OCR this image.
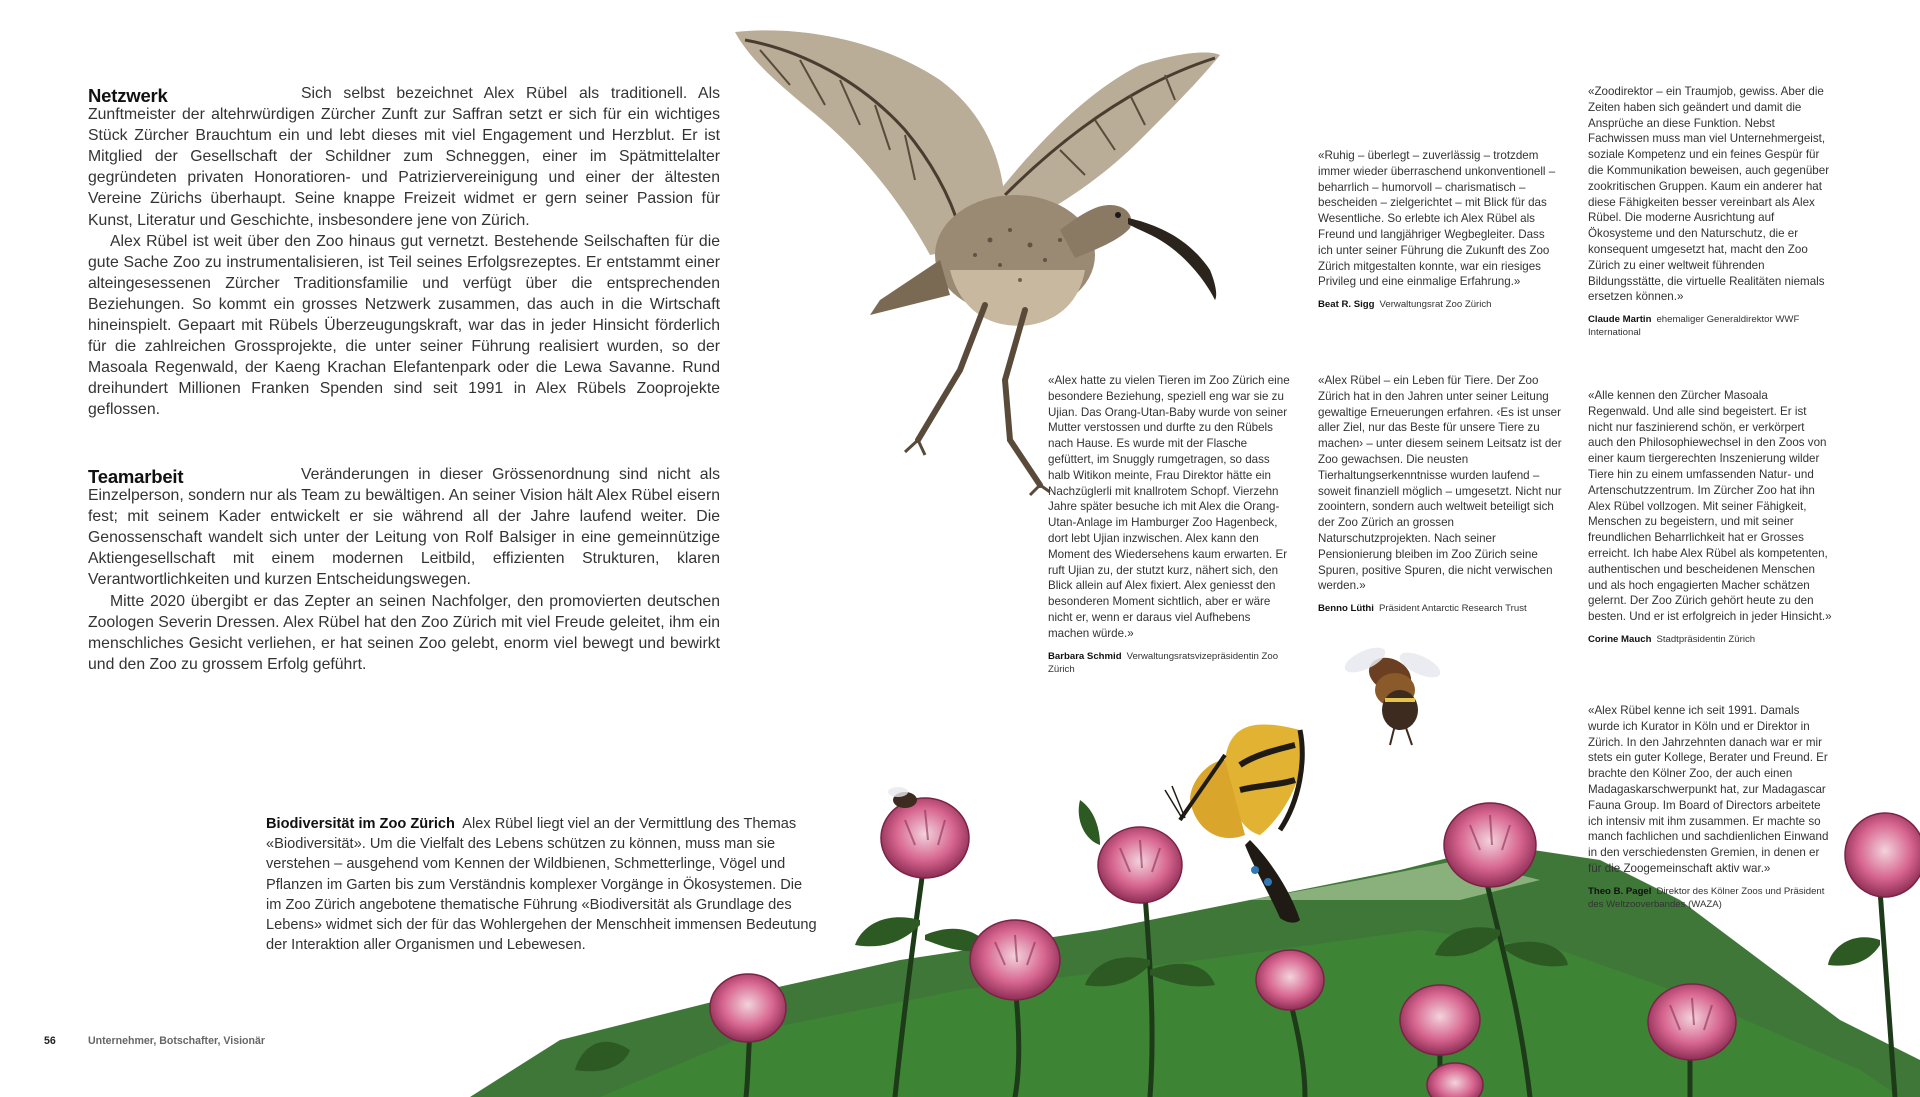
Netzwerk	Sich selbst bezeichnet Alex Rübel als traditionell. Als Zunftmeister der altehrwürdigen Zürcher Zunft zur Saffran setzt er sich für ein wichtiges Stück Zürcher Brauchtum ein und lebt dieses mit viel Engagement und Herzblut. Er ist Mitglied der Gesellschaft der Schildner zum Schneggen, einer im Spätmittelalter gegründeten privaten Honoratioren- und Patriziervereinigung und einer der ältesten Vereine Zürichs überhaupt. Seine knappe Freizeit widmet er gern seiner Passion für Kunst, Literatur und Geschichte, insbesondere jene von Zürich.

Alex Rübel ist weit über den Zoo hinaus gut vernetzt. Bestehende Seilschaften für die gute Sache Zoo zu instrumentalisieren, ist Teil seines Erfolgsrezeptes. Er entstammt einer alteingesessenen Zürcher Traditionsfamilie und verfügt über die entsprechenden Beziehungen. So kommt ein grosses Netzwerk zusammen, das auch in die Wirtschaft hineinspielt. Gepaart mit Rübels Überzeugungskraft, war das in jeder Hinsicht förderlich für die zahlreichen Grossprojekte, die unter seiner Führung realisiert wurden, so der Masoala Regenwald, der Kaeng Krachan Elefantenpark oder die Lewa Savanne. Rund dreihundert Millionen Franken Spenden sind seit 1991 in Alex Rübels Zooprojekte geflossen.

Teamarbeit	Veränderungen in dieser Grössenordnung sind nicht als Einzelperson, sondern nur als Team zu bewältigen. An seiner Vision hält Alex Rübel eisern fest; mit seinem Kader entwickelt er sie während all der Jahre laufend weiter. Die Genossenschaft wandelt sich unter der Leitung von Rolf Balsiger in eine gemeinnützige Aktiengesellschaft mit einem modernen Leitbild, effizienten Strukturen, klaren Verantwortlichkeiten und kurzen Entscheidungswegen.

Mitte 2020 übergibt er das Zepter an seinen Nachfolger, den promovierten deutschen Zoologen Severin Dressen. Alex Rübel hat den Zoo Zürich mit viel Freude geleitet, ihm ein menschliches Gesicht verliehen, er hat seinen Zoo gelebt, enorm viel bewegt und bewirkt und den Zoo zu grossem Erfolg geführt.

Biodiversität im Zoo Zürich Alex Rübel liegt viel an der Vermittlung des Themas «Biodiversität». Um die Vielfalt des Lebens schützen zu können, muss man sie verstehen – ausgehend vom Kennen der Wildbienen, Schmetterlinge, Vögel und Pflanzen im Garten bis zum Verständnis komplexer Vorgänge in Ökosystemen. Die im Zoo Zürich angebotene thematische Führung «Biodiversität als Grundlage des Lebens» widmet sich der für das Wohlergehen der Menschheit immensen Bedeutung der Interaktion aller Organismen und Lebewesen.

«Ruhig – überlegt – zuverlässig – trotzdem immer wieder überraschend unkonventionell – beharrlich – humorvoll – charismatisch – bescheiden – zielgerichtet – mit Blick für das Wesentliche. So erlebte ich Alex Rübel als Freund und langjähriger Wegbegleiter. Dass ich unter seiner Führung die Zukunft des Zoo Zürich mitgestalten konnte, war ein riesiges Privileg und eine einmalige Erfahrung.»

Beat R. Sigg Verwaltungsrat Zoo Zürich

«Zoodirektor – ein Traumjob, gewiss. Aber die Zeiten haben sich geändert und damit die Ansprüche an diese Funktion. Nebst Fachwissen muss man viel Unternehmergeist, soziale Kompetenz und ein feines Gespür für die Kommunikation beweisen, auch gegenüber zookritischen Gruppen. Kaum ein anderer hat diese Fähigkeiten besser vereinbart als Alex Rübel. Die moderne Ausrichtung auf Ökosysteme und den Naturschutz, die er konsequent umgesetzt hat, macht den Zoo Zürich zu einer weltweit führenden Bildungsstätte, die virtuelle Realitäten niemals ersetzen können.»

Claude Martin ehemaliger Generaldirektor WWF International

«Alex hatte zu vielen Tieren im Zoo Zürich eine besondere Beziehung, speziell eng war sie zu Ujian. Das Orang-Utan-Baby wurde von seiner Mutter verstossen und durfte zu den Rübels nach Hause. Es wurde mit der Flasche gefüttert, im Snuggly rumgetragen, so dass halb Witikon meinte, Frau Direktor hätte ein Nachzüglerli mit knallrotem Schopf. Vierzehn Jahre später besuche ich mit Alex die Orang-Utan-Anlage im Hamburger Zoo Hagenbeck, dort lebt Ujian inzwischen. Alex kann den Moment des Wiedersehens kaum erwarten. Er ruft Ujian zu, der stutzt kurz, nähert sich, den Blick allein auf Alex fixiert. Alex geniesst den besonderen Moment sichtlich, aber er wäre nicht er, wenn er daraus viel Aufhebens machen würde.»

Barbara Schmid Verwaltungsratsvizepräsidentin Zoo Zürich

«Alex Rübel – ein Leben für Tiere. Der Zoo Zürich hat in den Jahren unter seiner Leitung gewaltige Erneuerungen erfahren. ‹Es ist unser aller Ziel, nur das Beste für unsere Tiere zu machen› – unter diesem seinem Leitsatz ist der Zoo gewachsen. Die neusten Tierhaltungserkenntnisse wurden laufend – soweit finanziell möglich – umgesetzt. Nicht nur zoointern, sondern auch weltweit beteiligt sich der Zoo Zürich an grossen Naturschutzprojekten. Nach seiner Pensionierung bleiben im Zoo Zürich seine Spuren, positive Spuren, die nicht verwischen werden.»

Benno Lüthi Präsident Antarctic Research Trust

«Alle kennen den Zürcher Masoala Regenwald. Und alle sind begeistert. Er ist nicht nur faszinierend schön, er verkörpert auch den Philosophiewechsel in den Zoos von einer kaum tiergerechten Inszenierung wilder Tiere hin zu einem umfassenden Natur- und Artenschutzzentrum. Im Zürcher Zoo hat ihn Alex Rübel vollzogen. Mit seiner Fähigkeit, Menschen zu begeistern, und mit seiner freundlichen Beharrlichkeit hat er Grosses erreicht. Ich habe Alex Rübel als kompetenten, authentischen und bescheidenen Menschen und als hoch engagierten Macher schätzen gelernt. Der Zoo Zürich gehört heute zu den besten. Und er ist erfolgreich in jeder Hinsicht.»

Corine Mauch Stadtpräsidentin Zürich

«Alex Rübel kenne ich seit 1991. Damals wurde ich Kurator in Köln und er Direktor in Zürich. In den Jahrzehnten danach war er mir stets ein guter Kollege, Berater und Freund. Er brachte den Kölner Zoo, der auch einen Madagaskarschwerpunkt hat, zur Madagascar Fauna Group. Im Board of Directors arbeitete ich intensiv mit ihm zusammen. Er machte so manch fachlichen und sachdienlichen Einwand in den verschiedensten Gremien, in denen er für die Zoogemeinschaft aktiv war.»

Theo B. Pagel Direktor des Kölner Zoos und Präsident des Weltzooverbandes (WAZA)

56	Unternehmer, Botschafter, Visionär
